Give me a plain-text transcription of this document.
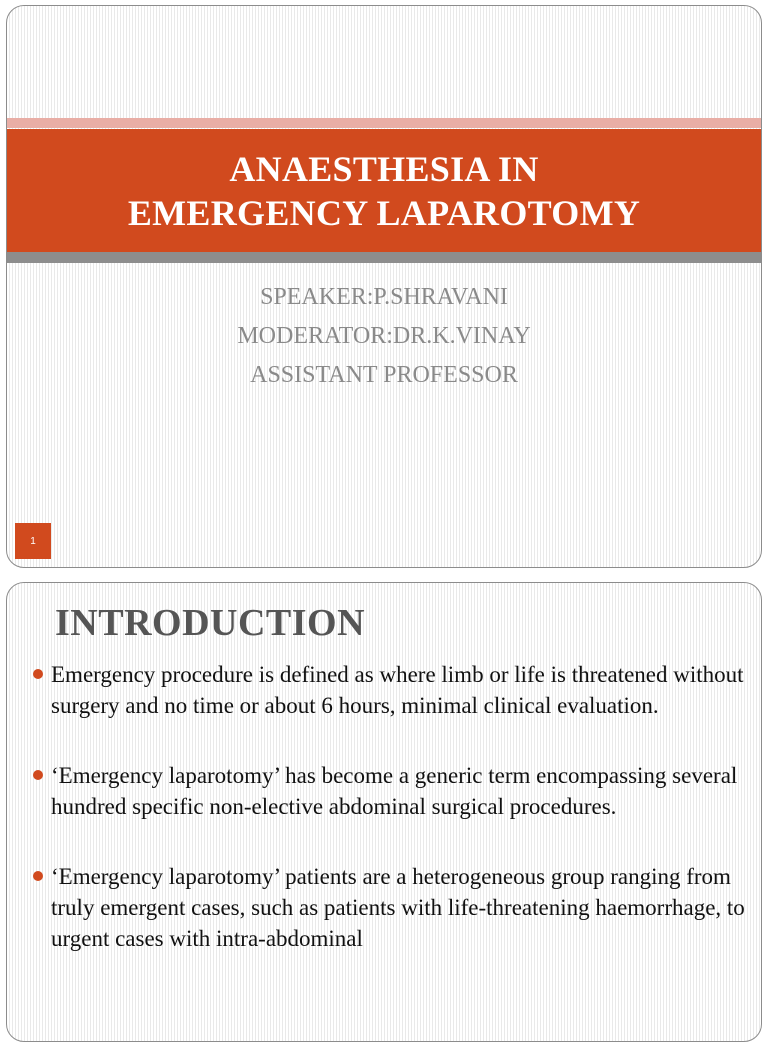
ANAESTHESIA IN
EMERGENCY LAPAROTOMY
SPEAKER:P.SHRAVANI
MODERATOR:DR.K.VINAY
ASSISTANT PROFESSOR
1
INTRODUCTION
Emergency procedure is defined as where limb or life is threatened without surgery and no time or about 6 hours, minimal clinical evaluation.
‘Emergency laparotomy’ has become a generic term encompassing several hundred specific non-elective abdominal surgical procedures.
‘Emergency laparotomy’ patients are a heterogeneous group ranging from truly emergent cases, such as patients with life-threatening haemorrhage, to urgent cases with intra-abdominal
